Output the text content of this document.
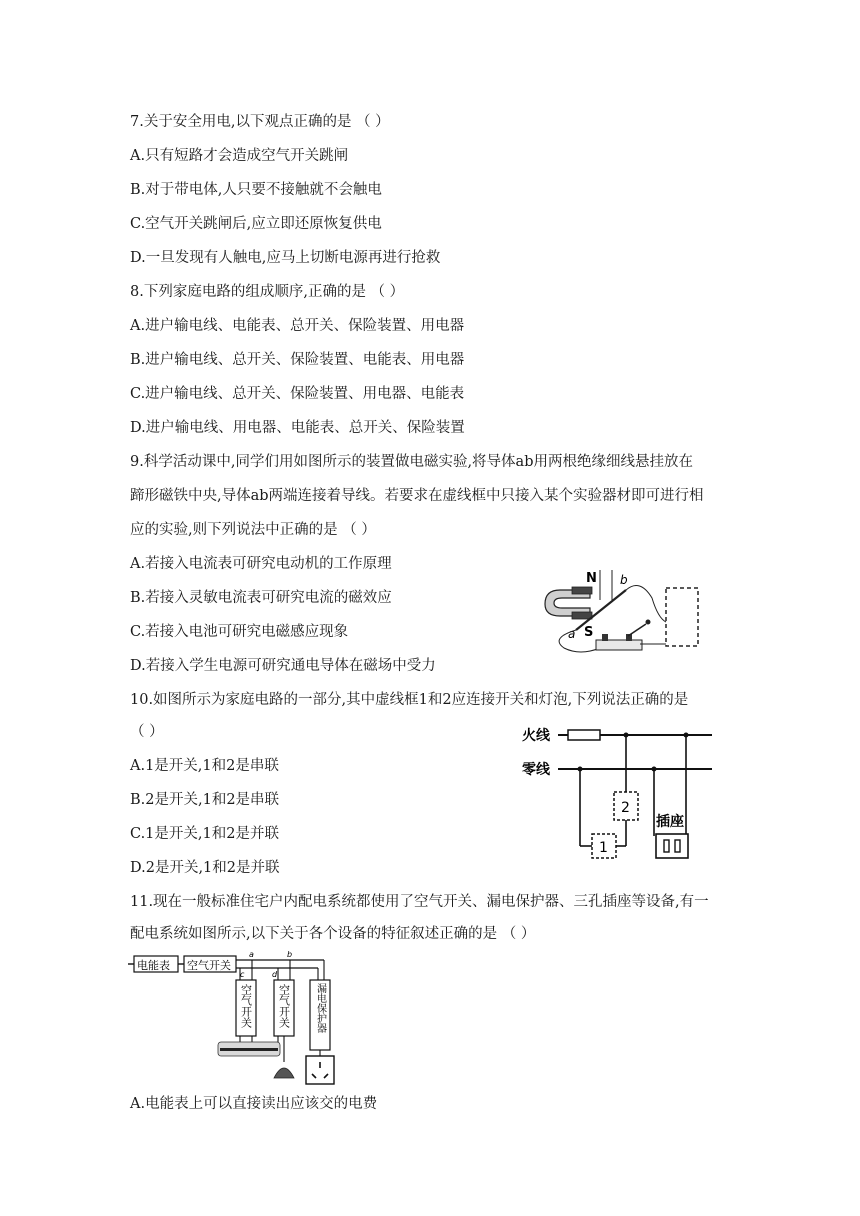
7.关于安全用电,以下观点正确的是 （ ）
A.只有短路才会造成空气开关跳闸
B.对于带电体,人只要不接触就不会触电
C.空气开关跳闸后,应立即还原恢复供电
D.一旦发现有人触电,应马上切断电源再进行抢救
8.下列家庭电路的组成顺序,正确的是 （ ）
A.进户输电线、电能表、总开关、保险装置、用电器
B.进户输电线、总开关、保险装置、电能表、用电器
C.进户输电线、总开关、保险装置、用电器、电能表
D.进户输电线、用电器、电能表、总开关、保险装置
9.科学活动课中,同学们用如图所示的装置做电磁实验,将导体ab用两根绝缘细线悬挂放在
蹄形磁铁中央,导体ab两端连接着导线。若要求在虚线框中只接入某个实验器材即可进行相
应的实验,则下列说法中正确的是 （ ）
A.若接入电流表可研究电动机的工作原理
B.若接入灵敏电流表可研究电流的磁效应
C.若接入电池可研究电磁感应现象
D.若接入学生电源可研究通电导体在磁场中受力
N
S
a
b
10.如图所示为家庭电路的一部分,其中虚线框1和2应连接开关和灯泡,下列说法正确的是
（ ）
A.1是开关,1和2是串联
B.2是开关,1和2是串联
C.1是开关,1和2是并联
D.2是开关,1和2是并联
火线
零线
1
2
插座
11.现在一般标准住宅户内配电系统都使用了空气开关、漏电保护器、三孔插座等设备,有一
配电系统如图所示,以下关于各个设备的特征叙述正确的是 （ ）
电能表 空气开关
a	b
c	d
空气开关 空气开关 漏电保护器
A.电能表上可以直接读出应该交的电费
